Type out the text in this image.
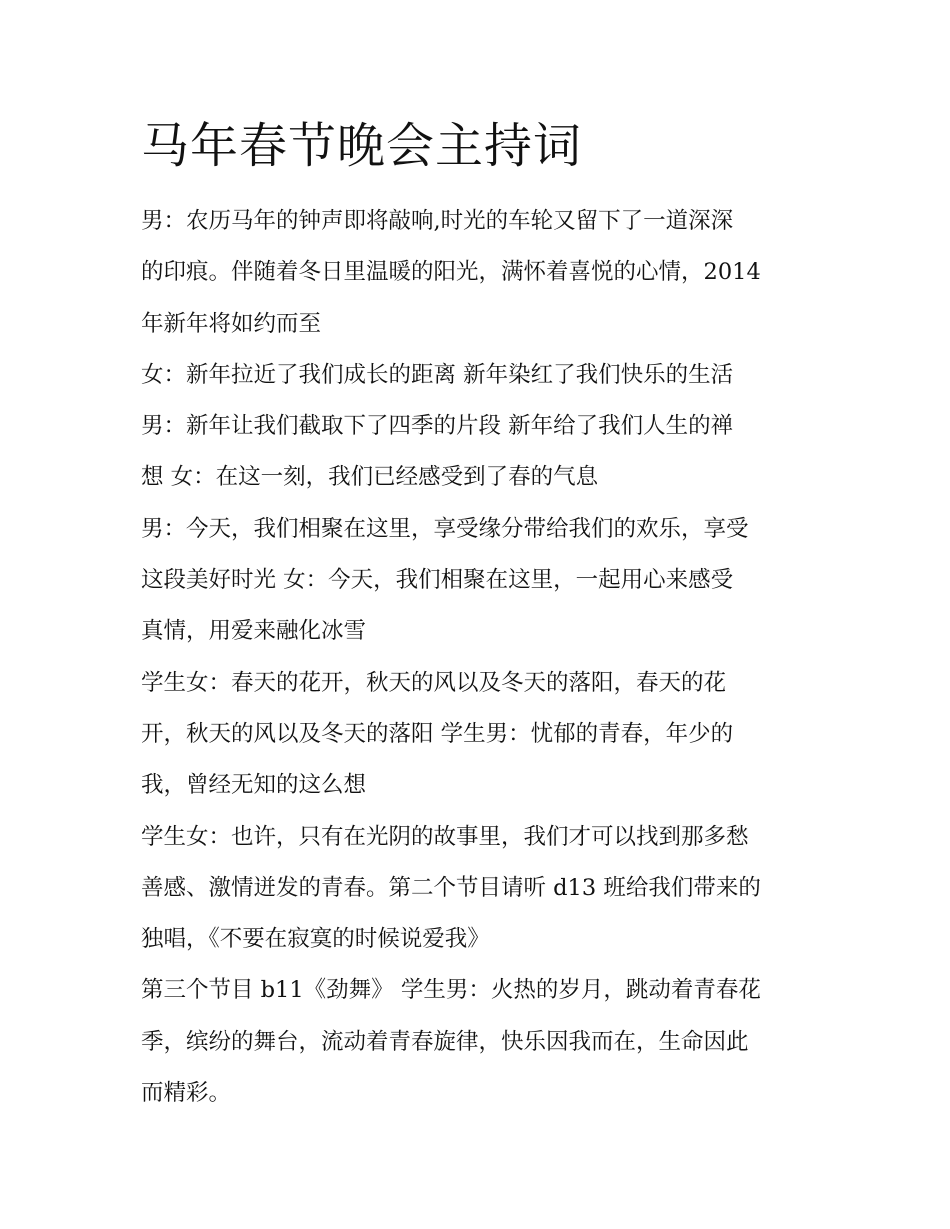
马年春节晚会主持词
男：农历马年的钟声即将敲响,时光的车轮又留下了一道深深
的印痕。伴随着冬日里温暖的阳光，满怀着喜悦的心情，2014
年新年将如约而至
女：新年拉近了我们成长的距离 新年染红了我们快乐的生活
男：新年让我们截取下了四季的片段 新年给了我们人生的禅
想 女：在这一刻，我们已经感受到了春的气息
男：今天，我们相聚在这里，享受缘分带给我们的欢乐，享受
这段美好时光 女：今天，我们相聚在这里，一起用心来感受
真情，用爱来融化冰雪
学生女：春天的花开，秋天的风以及冬天的落阳，春天的花
开，秋天的风以及冬天的落阳 学生男：忧郁的青春，年少的
我，曾经无知的这么想
学生女：也许，只有在光阴的故事里，我们才可以找到那多愁
善感、激情迸发的青春。第二个节目请听 d13 班给我们带来的
独唱，《不要在寂寞的时候说爱我》
第三个节目 b11《劲舞》 学生男：火热的岁月，跳动着青春花
季，缤纷的舞台，流动着青春旋律，快乐因我而在，生命因此
而精彩。
